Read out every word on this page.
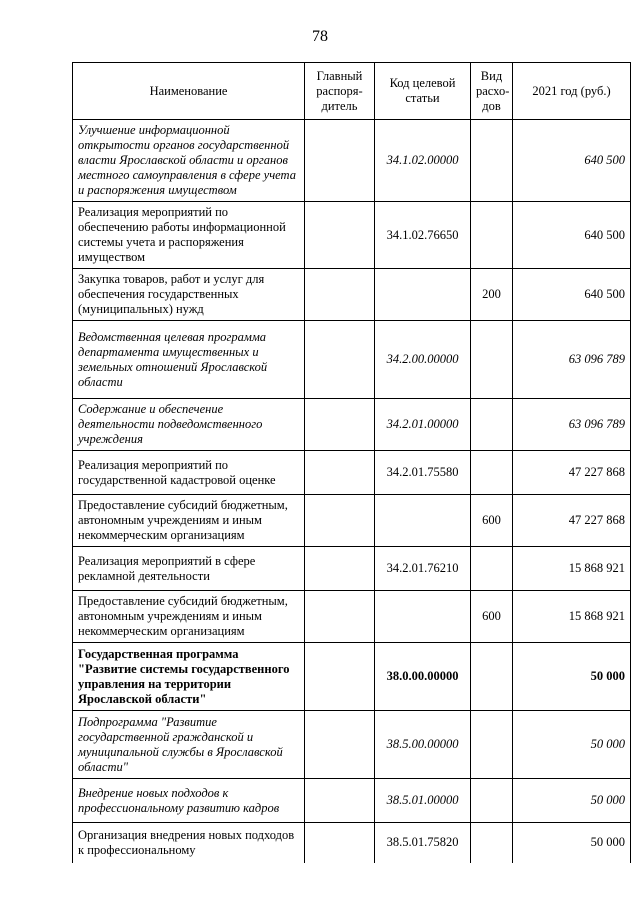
78
Наименование	Главный распоря-дитель	Код целевой статьи	Вид расхо-дов	2021 год (руб.)
Улучшение информационной открытости органов государственной власти Ярославской области и органов местного самоуправления в сфере учета и распоряжения имуществом		34.1.02.00000		640 500
Реализация мероприятий по обеспечению работы информационной системы учета и распоряжения имуществом		34.1.02.76650		640 500
Закупка товаров, работ и услуг для обеспечения государственных (муниципальных) нужд			200	640 500
Ведомственная целевая программа департамента имущественных и земельных отношений Ярославской области		34.2.00.00000		63 096 789
Содержание и обеспечение деятельности подведомственного учреждения		34.2.01.00000		63 096 789
Реализация мероприятий по государственной кадастровой оценке		34.2.01.75580		47 227 868
Предоставление субсидий бюджетным, автономным учреждениям и иным некоммерческим организациям			600	47 227 868
Реализация мероприятий в сфере рекламной деятельности		34.2.01.76210		15 868 921
Предоставление субсидий бюджетным, автономным учреждениям и иным некоммерческим организациям			600	15 868 921
Государственная программа "Развитие системы государственного управления на территории Ярославской области"		38.0.00.00000		50 000
Подпрограмма "Развитие государственной гражданской и муниципальной службы в Ярославской области"		38.5.00.00000		50 000
Внедрение новых подходов к профессиональному развитию кадров		38.5.01.00000		50 000
Организация внедрения новых подходов к профессиональному		38.5.01.75820		50 000
